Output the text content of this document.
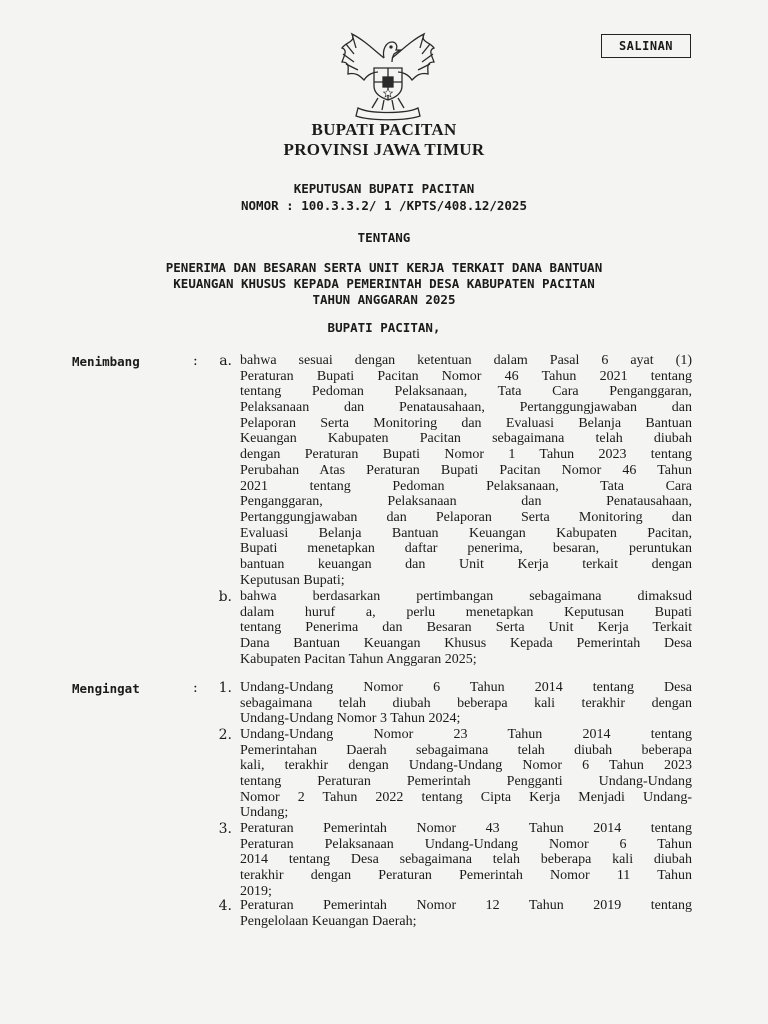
SALINAN
BUPATI PACITAN
PROVINSI JAWA TIMUR
KEPUTUSAN BUPATI PACITAN
NOMOR : 100.3.3.2/ 1 /KPTS/408.12/2025
TENTANG
PENERIMA DAN BESARAN SERTA UNIT KERJA TERKAIT DANA BANTUAN
KEUANGAN KHUSUS KEPADA PEMERINTAH DESA KABUPATEN PACITAN
TAHUN ANGGARAN 2025
BUPATI PACITAN,
Menimbang	:	a. bahwa sesuai dengan ketentuan dalam Pasal 6 ayat (1)
Peraturan Bupati Pacitan Nomor 46 Tahun 2021 tentang
tentang Pedoman Pelaksanaan, Tata Cara Penganggaran,
Pelaksanaan dan Penatausahaan, Pertanggungjawaban dan
Pelaporan Serta Monitoring dan Evaluasi Belanja Bantuan
Keuangan Kabupaten Pacitan sebagaimana telah diubah
dengan Peraturan Bupati Nomor 1 Tahun 2023 tentang
Perubahan Atas Peraturan Bupati Pacitan Nomor 46 Tahun
2021 tentang Pedoman Pelaksanaan, Tata Cara
Penganggaran, Pelaksanaan dan Penatausahaan,
Pertanggungjawaban dan Pelaporan Serta Monitoring dan
Evaluasi Belanja Bantuan Keuangan Kabupaten Pacitan,
Bupati menetapkan daftar penerima, besaran, peruntukan
bantuan keuangan dan Unit Kerja terkait dengan
Keputusan Bupati;
b. bahwa berdasarkan pertimbangan sebagaimana dimaksud
dalam huruf a, perlu menetapkan Keputusan Bupati
tentang Penerima dan Besaran Serta Unit Kerja Terkait
Dana Bantuan Keuangan Khusus Kepada Pemerintah Desa
Kabupaten Pacitan Tahun Anggaran 2025;
Mengingat	:	1. Undang-Undang Nomor 6 Tahun 2014 tentang Desa
sebagaimana telah diubah beberapa kali terakhir dengan
Undang-Undang Nomor 3 Tahun 2024;
2. Undang-Undang Nomor 23 Tahun 2014 tentang
Pemerintahan Daerah sebagaimana telah diubah beberapa
kali, terakhir dengan Undang-Undang Nomor 6 Tahun 2023
tentang Peraturan Pemerintah Pengganti Undang-Undang
Nomor 2 Tahun 2022 tentang Cipta Kerja Menjadi Undang-
Undang;
3. Peraturan Pemerintah Nomor 43 Tahun 2014 tentang
Peraturan Pelaksanaan Undang-Undang Nomor 6 Tahun
2014 tentang Desa sebagaimana telah beberapa kali diubah
terakhir dengan Peraturan Pemerintah Nomor 11 Tahun
2019;
4. Peraturan Pemerintah Nomor 12 Tahun 2019 tentang
Pengelolaan Keuangan Daerah;
